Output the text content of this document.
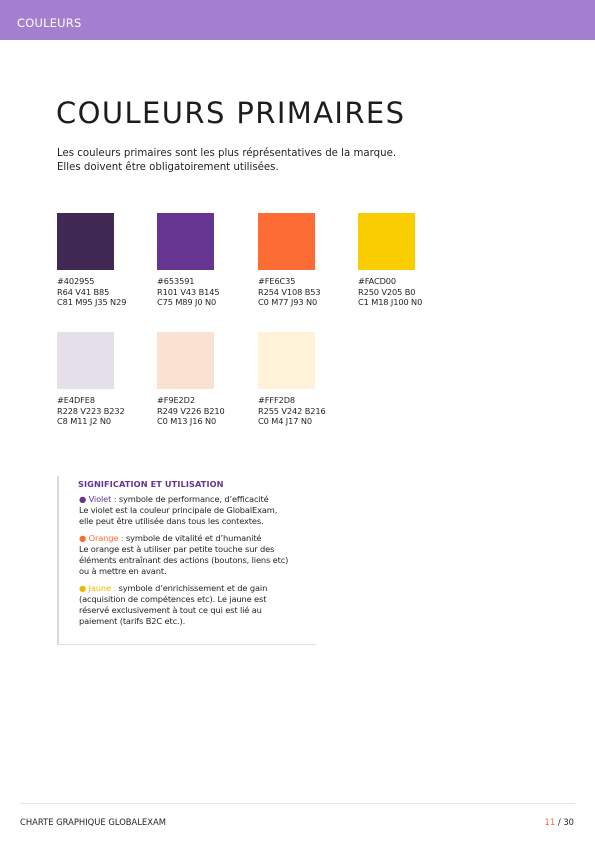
COULEURS
COULEURS PRIMAIRES
Les couleurs primaires sont les plus réprésentatives de la marque.
Elles doivent être obligatoirement utilisées.
#402955
R64 V41 B85
C81 M95 J35 N29
#653591
R101 V43 B145
C75 M89 J0 N0
#FE6C35
R254 V108 B53
C0 M77 J93 N0
#FACD00
R250 V205 B0
C1 M18 J100 N0
#E4DFE8
R228 V223 B232
C8 M11 J2 N0
#F9E2D2
R249 V226 B210
C0 M13 J16 N0
#FFF2D8
R255 V242 B216
C0 M4 J17 N0
SIGNIFICATION ET UTILISATION
● Violet : symbole de performance, d’efficacité
Le violet est la couleur principale de GlobalExam,
elle peut être utilisée dans tous les contextes.
● Orange : symbole de vitalité et d’humanité
Le orange est à utiliser par petite touche sur des
éléments entraînant des actions (boutons, liens etc)
ou à mettre en avant.
● Jaune : symbole d’enrichissement et de gain
(acquisition de compétences etc). Le jaune est
réservé exclusivement à tout ce qui est lié au
paiement (tarifs B2C etc.).
CHARTE GRAPHIQUE GLOBALEXAM	11 / 30
